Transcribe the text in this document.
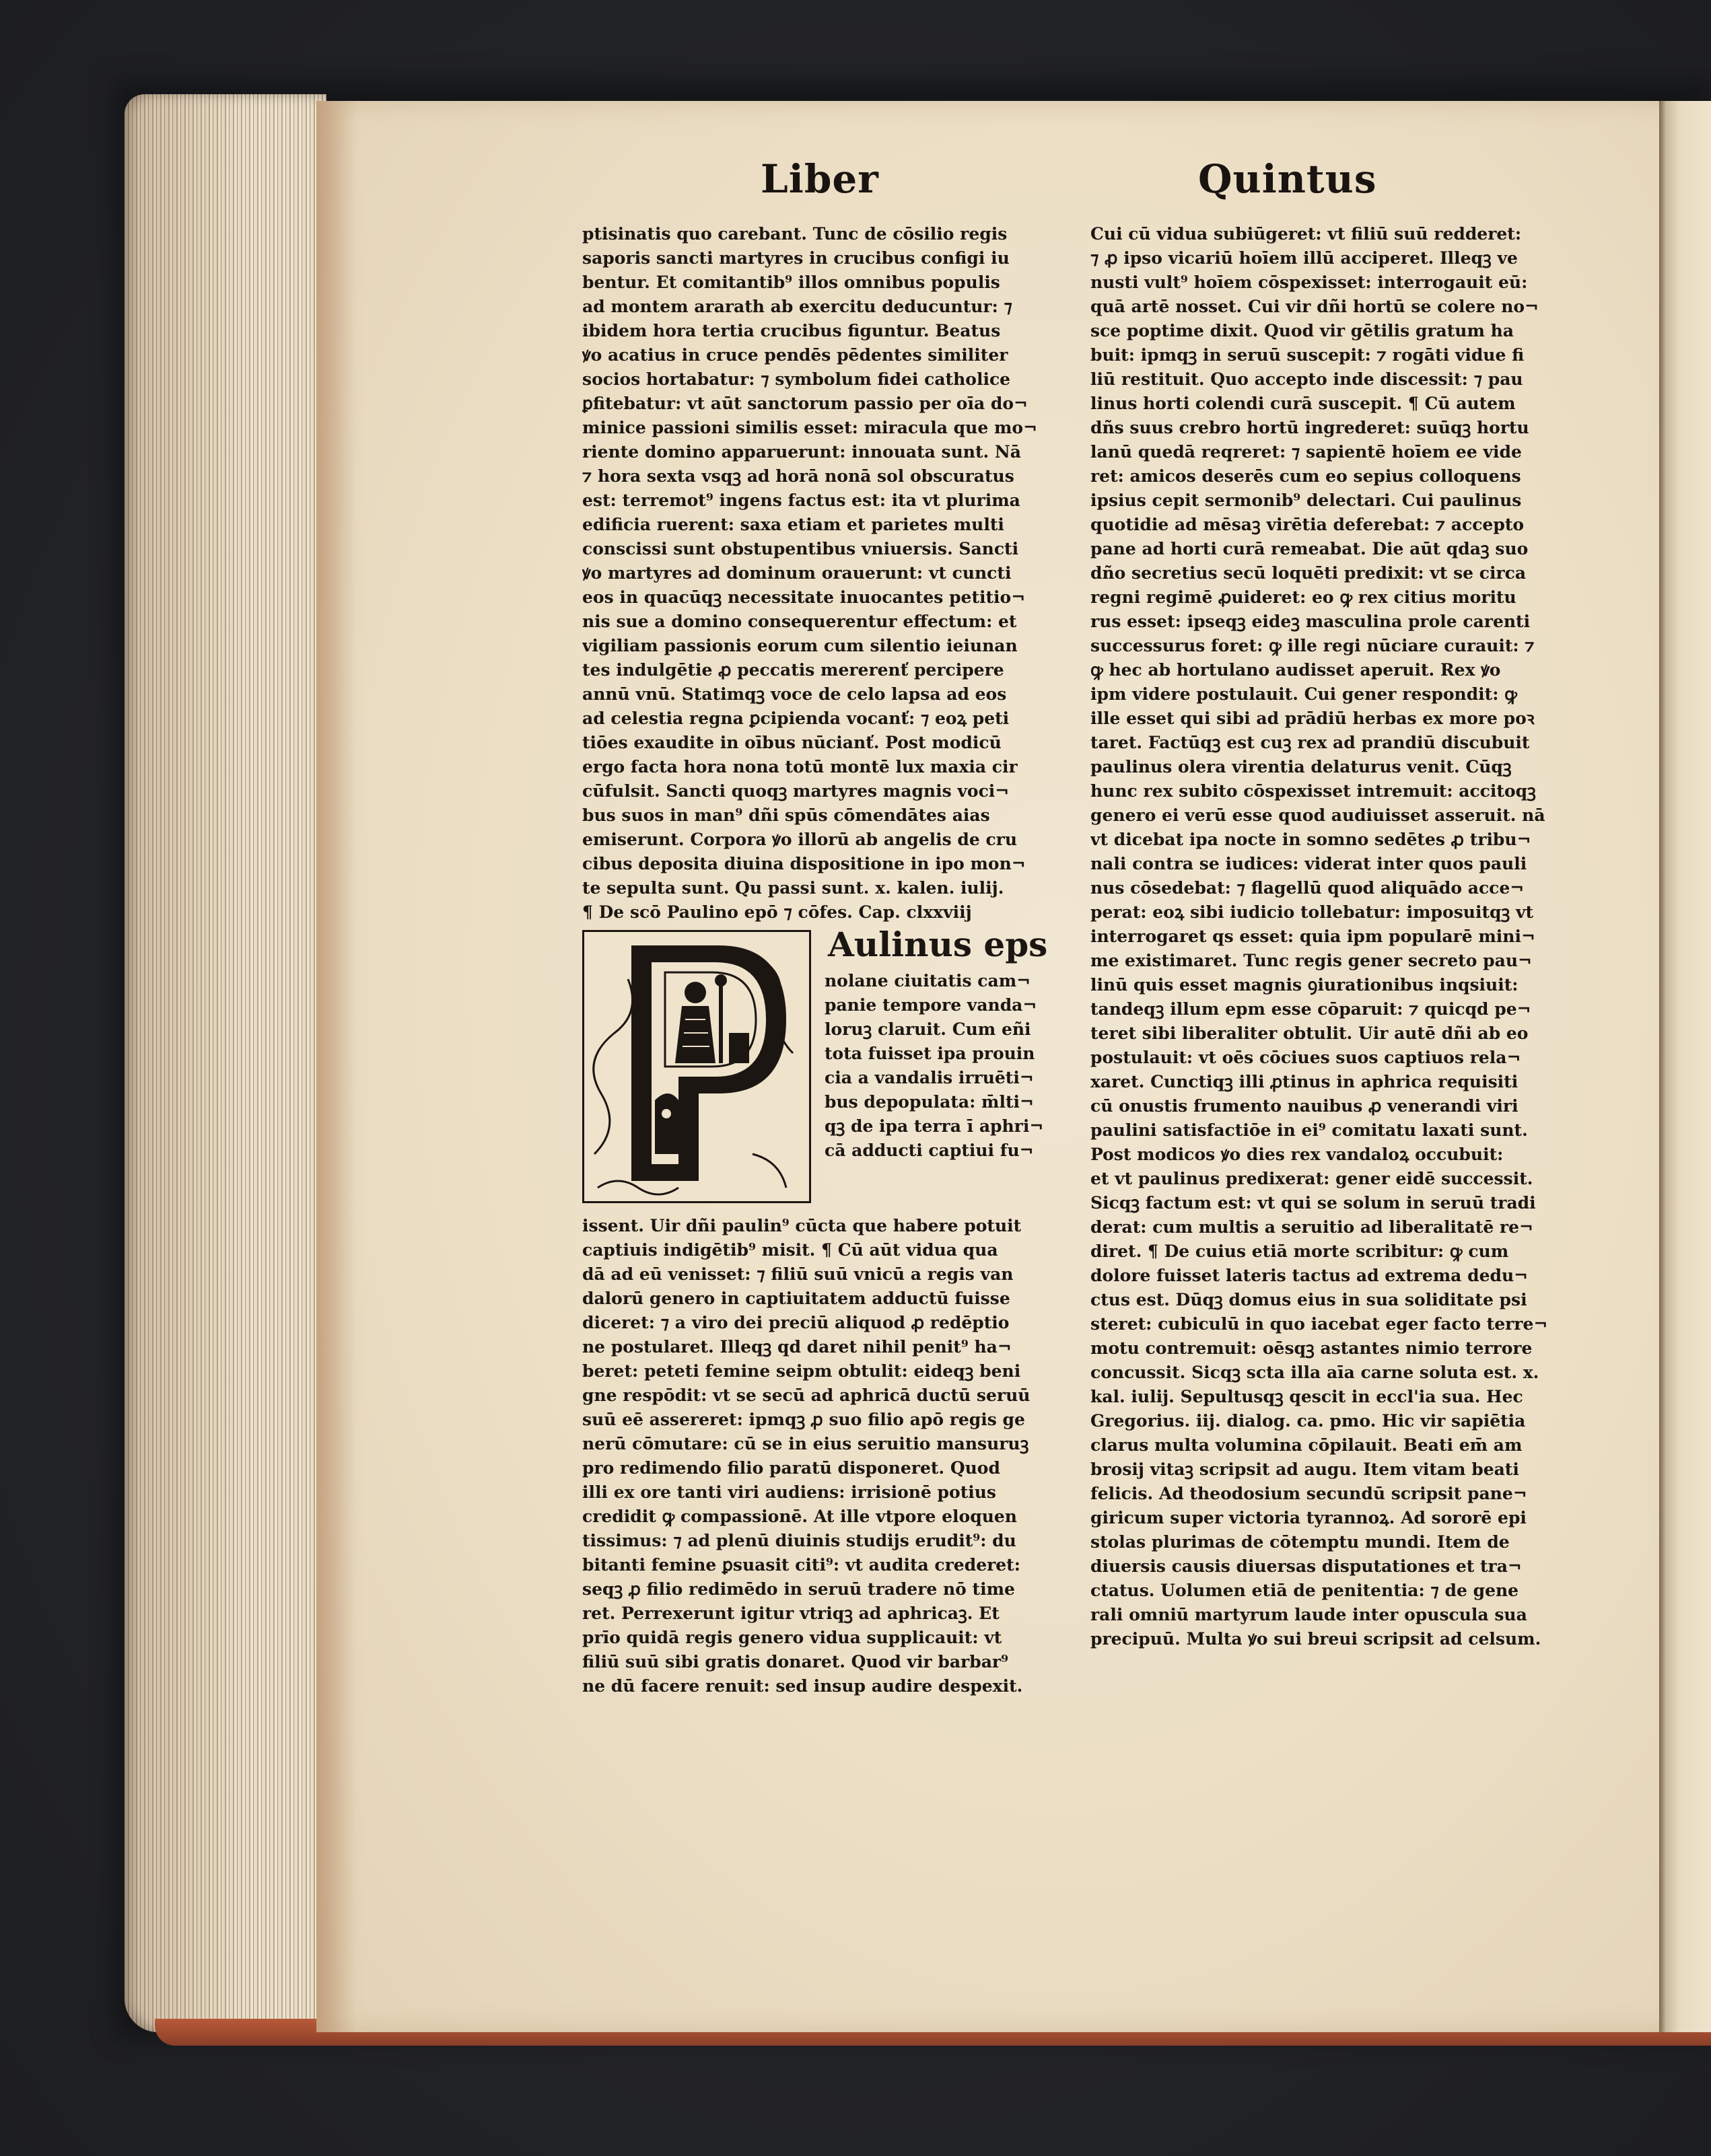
Liber	Quintus
ptisinatis quo carebant. Tunc de cōsilio regis
saporis sancti martyres in crucibus configi iu
bentur. Et comitantib⁹ illos omnibus populis
ad montem ararath ab exercitu deducuntur: ⁊
ibidem hora tertia crucibus figuntur. Beatus
ꝟo acatius in cruce pendēs pēdentes similiter
socios hortabatur: ⁊ symbolum fidei catholice
ꝑfitebatur: vt aūt sanctorum passio per oīa do¬
minice passioni similis esset: miracula que mo¬
riente domino apparuerunt: innouata sunt. Nā
⁊ hora sexta vsqꝫ ad horā nonā sol obscuratus
est: terremot⁹ ingens factus est: ita vt plurima
edificia ruerent: saxa etiam et parietes multi
conscissi sunt obstupentibus vniuersis. Sancti
ꝟo martyres ad dominum orauerunt: vt cuncti
eos in quacūqꝫ necessitate inuocantes petitio¬
nis sue a domino consequerentur effectum: et
vigiliam passionis eorum cum silentio ieiunan
tes indulgētie ꝓ peccatis mererenť percipere
annū vnū. Statimqꝫ voce de celo lapsa ad eos
ad celestia regna ꝑcipienda vocanť: ⁊ eoꝝ peti
tiōes exaudite in oībus nūcianť. Post modicū
ergo facta hora nona totū montē lux maxia cir
cūfulsit. Sancti quoqꝫ martyres magnis voci¬
bus suos in man⁹ dñi spūs cōmendātes aias
emiserunt. Corpora ꝟo illorū ab angelis de cru
cibus deposita diuina dispositione in ipo mon¬
te sepulta sunt. Qu passi sunt. x. kalen. iulij.
¶ De scō Paulino epō ⁊ cōfes. Cap. clxxviij
Aulinus eps
nolane ciuitatis cam¬
panie tempore vanda¬
loruꝫ claruit. Cum eñi
tota fuisset ipa prouin
cia a vandalis irruēti¬
bus depopulata: m̄lti¬
qꝫ de ipa terra ī aphri¬
cā adducti captiui fu¬
issent. Uir dñi paulin⁹ cūcta que habere potuit
captiuis indigētib⁹ misit. ¶ Cū aūt vidua qua
dā ad eū venisset: ⁊ filiū suū vnicū a regis van
dalorū genero in captiuitatem adductū fuisse
diceret: ⁊ a viro dei preciū aliquod ꝓ redēptio
ne postularet. Illeqꝫ qd daret nihil penit⁹ ha¬
beret: peteti femine seipm obtulit: eideqꝫ beni
gne respōdit: vt se secū ad aphricā ductū seruū
suū eē assereret: ipmqꝫ ꝓ suo filio apō regis ge
nerū cōmutare: cū se in eius seruitio mansuruꝫ
pro redimendo filio paratū disponeret. Quod
illi ex ore tanti viri audiens: irrisionē potius
credidit ꝙ compassionē. At ille vtpore eloquen
tissimus: ⁊ ad plenū diuinis studijs erudit⁹: du
bitanti femine ꝑsuasit citi⁹: vt audita crederet:
seqꝫ ꝓ filio redimēdo in seruū tradere nō time
ret. Perrexerunt igitur vtriqꝫ ad aphricaꝫ. Et
prīo quidā regis genero vidua supplicauit: vt
filiū suū sibi gratis donaret. Quod vir barbar⁹
ne dū facere renuit: sed insup audire despexit.
Cui cū vidua subiūgeret: vt filiū suū redderet:
⁊ ꝓ ipso vicariū hoīem illū acciperet. Illeqꝫ ve
nusti vult⁹ hoīem cōspexisset: interrogauit eū:
quā artē nosset. Cui vir dñi hortū se colere no¬
sce poptime dixit. Quod vir gētilis gratum ha
buit: ipmqꝫ in seruū suscepit: ⁊ rogāti vidue fi
liū restituit. Quo accepto inde discessit: ⁊ pau
linus horti colendi curā suscepit. ¶ Cū autem
dñs suus crebro hortū ingrederet: suūqꝫ hortu
lanū quedā reqreret: ⁊ sapientē hoīem ee vide
ret: amicos deserēs cum eo sepius colloquens
ipsius cepit sermonib⁹ delectari. Cui paulinus
quotidie ad mēsaꝫ virētia deferebat: ⁊ accepto
pane ad horti curā remeabat. Die aūt qdaꝫ suo
dño secretius secū loquēti predixit: vt se circa
regni regimē ꝓuideret: eo ꝙ rex citius moritu
rus esset: ipseqꝫ eideꝫ masculina prole carenti
successurus foret: ꝙ ille regi nūciare curauit: ⁊
ꝙ hec ab hortulano audisset aperuit. Rex ꝟo
ipm videre postulauit. Cui gener respondit: ꝙ
ille esset qui sibi ad prādiū herbas ex more poꝛ
taret. Factūqꝫ est cuꝫ rex ad prandiū discubuit
paulinus olera virentia delaturus venit. Cūqꝫ
hunc rex subito cōspexisset intremuit: accitoqꝫ
genero ei verū esse quod audiuisset asseruit. nā
vt dicebat ipa nocte in somno sedētes ꝓ tribu¬
nali contra se iudices: viderat inter quos pauli
nus cōsedebat: ⁊ flagellū quod aliquādo acce¬
perat: eoꝝ sibi iudicio tollebatur: imposuitqꝫ vt
interrogaret qs esset: quia ipm popularē mini¬
me existimaret. Tunc regis gener secreto pau¬
linū quis esset magnis ꝯiurationibus inqsiuit:
tandeqꝫ illum epm esse cōparuit: ⁊ quicqd pe¬
teret sibi liberaliter obtulit. Uir autē dñi ab eo
postulauit: vt oēs cōciues suos captiuos rela¬
xaret. Cunctiqꝫ illi ꝓtinus in aphrica requisiti
cū onustis frumento nauibus ꝓ venerandi viri
paulini satisfactiōe in ei⁹ comitatu laxati sunt.
Post modicos ꝟo dies rex vandaloꝝ occubuit:
et vt paulinus predixerat: gener eidē successit.
Sicqꝫ factum est: vt qui se solum in seruū tradi
derat: cum multis a seruitio ad liberalitatē re¬
diret. ¶ De cuius etiā morte scribitur: ꝙ cum
dolore fuisset lateris tactus ad extrema dedu¬
ctus est. Dūqꝫ domus eius in sua soliditate psi
steret: cubiculū in quo iacebat eger facto terre¬
motu contremuit: oēsqꝫ astantes nimio terrore
concussit. Sicqꝫ scta illa aīa carne soluta est. x.
kal. iulij. Sepultusqꝫ qescit in eccl'ia sua. Hec
Gregorius. iij. dialog. ca. pmo. Hic vir sapiētia
clarus multa volumina cōpilauit. Beati em̄ am
brosij vitaꝫ scripsit ad augu. Item vitam beati
felicis. Ad theodosium secundū scripsit pane¬
giricum super victoria tyrannoꝝ. Ad sororē epi
stolas plurimas de cōtemptu mundi. Item de
diuersis causis diuersas disputationes et tra¬
ctatus. Uolumen etiā de penitentia: ⁊ de gene
rali omniū martyrum laude inter opuscula sua
precipuū. Multa ꝟo sui breui scripsit ad celsum.
